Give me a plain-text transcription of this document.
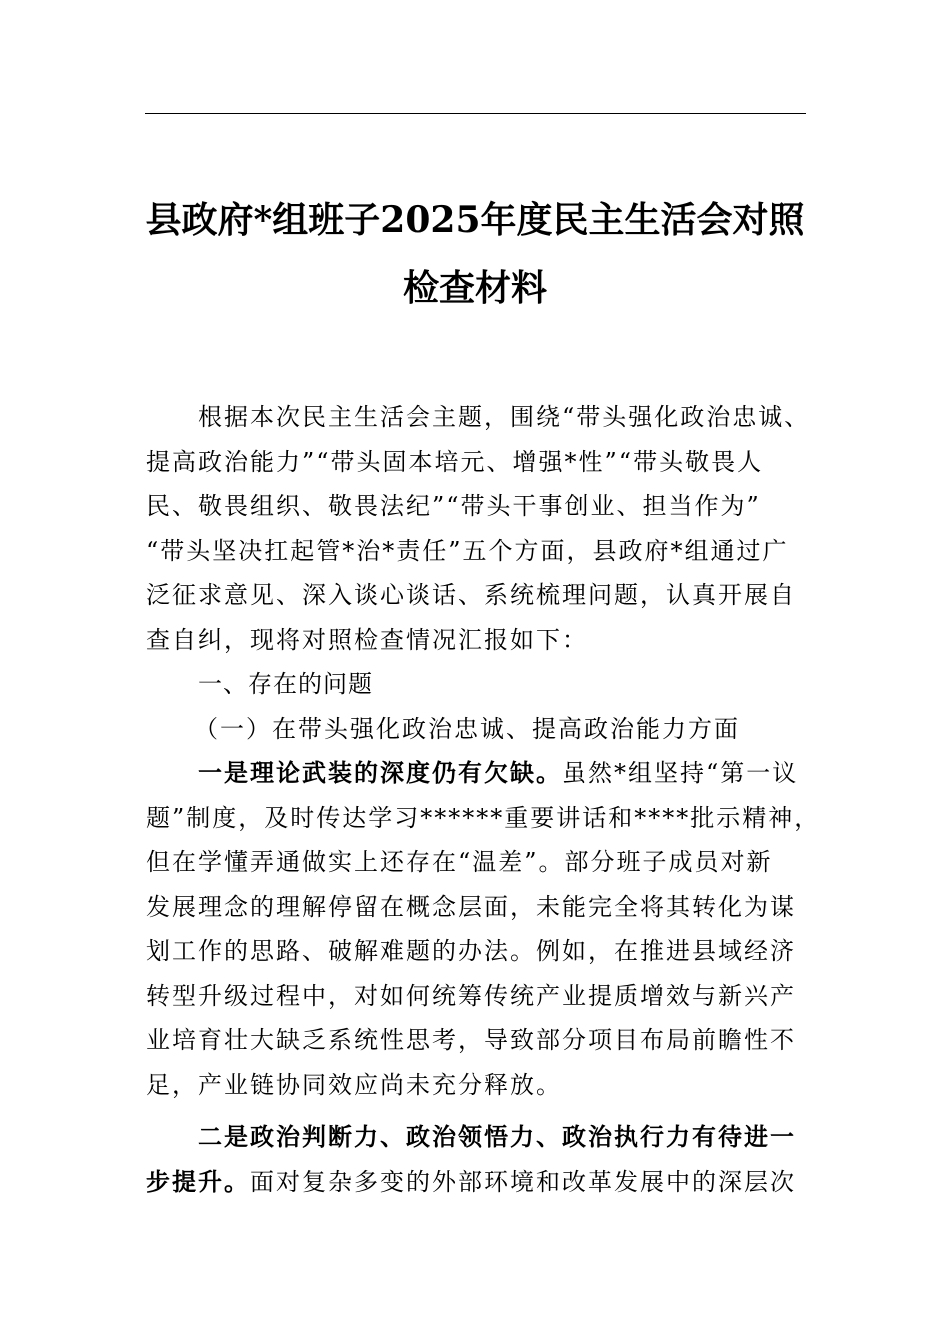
县政府*组班子2025年度民主生活会对照
检查材料
根据本次民主生活会主题，围绕“带头强化政治忠诚、
提高政治能力”“带头固本培元、增强*性”“带头敬畏人
民、敬畏组织、敬畏法纪”“带头干事创业、担当作为”
“带头坚决扛起管*治*责任”五个方面，县政府*组通过广
泛征求意见、深入谈心谈话、系统梳理问题，认真开展自
查自纠，现将对照检查情况汇报如下：
一、存在的问题
（一）在带头强化政治忠诚、提高政治能力方面
一是理论武装的深度仍有欠缺。虽然*组坚持“第一议
题”制度，及时传达学习******重要讲话和****批示精神，
但在学懂弄通做实上还存在“温差”。部分班子成员对新
发展理念的理解停留在概念层面，未能完全将其转化为谋
划工作的思路、破解难题的办法。例如，在推进县域经济
转型升级过程中，对如何统筹传统产业提质增效与新兴产
业培育壮大缺乏系统性思考，导致部分项目布局前瞻性不
足，产业链协同效应尚未充分释放。
二是政治判断力、政治领悟力、政治执行力有待进一
步提升。面对复杂多变的外部环境和改革发展中的深层次
